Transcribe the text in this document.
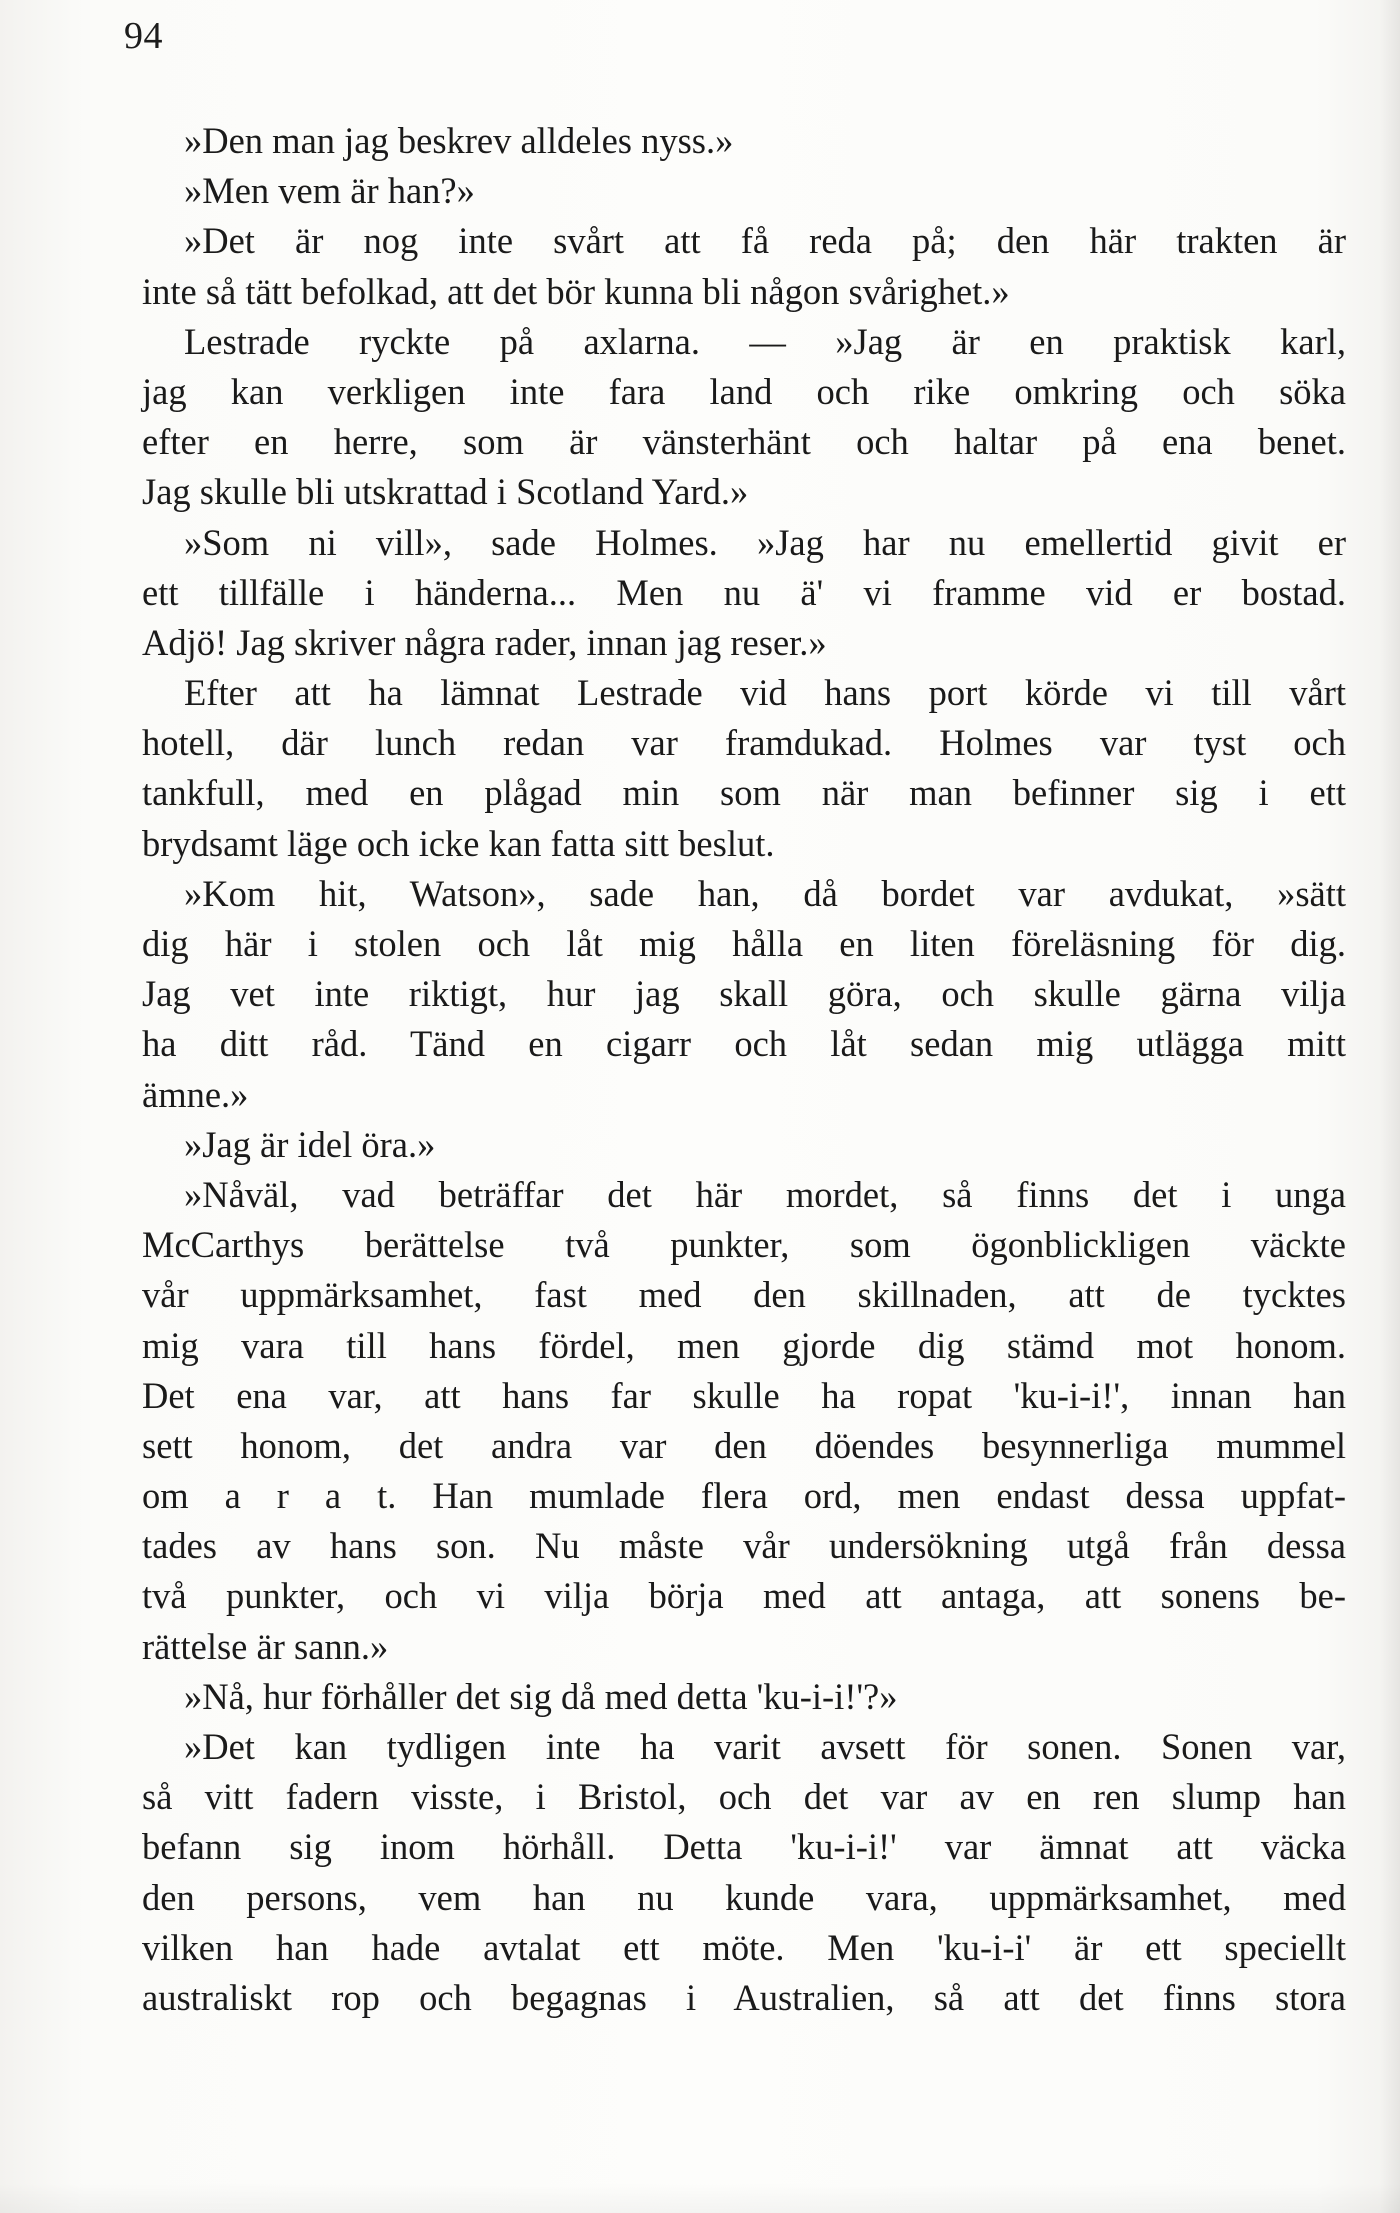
94
»Den man jag beskrev alldeles nyss.»
»Men vem är han?»
»Det är nog inte svårt att få reda på; den här trakten är
inte så tätt befolkad, att det bör kunna bli någon svårighet.»
Lestrade ryckte på axlarna. — »Jag är en praktisk karl,
jag kan verkligen inte fara land och rike omkring och söka
efter en herre, som är vänsterhänt och haltar på ena benet.
Jag skulle bli utskrattad i Scotland Yard.»
»Som ni vill», sade Holmes. »Jag har nu emellertid givit er
ett tillfälle i händerna... Men nu ä' vi framme vid er bostad.
Adjö! Jag skriver några rader, innan jag reser.»
Efter att ha lämnat Lestrade vid hans port körde vi till vårt
hotell, där lunch redan var framdukad. Holmes var tyst och
tankfull, med en plågad min som när man befinner sig i ett
brydsamt läge och icke kan fatta sitt beslut.
»Kom hit, Watson», sade han, då bordet var avdukat, »sätt
dig här i stolen och låt mig hålla en liten föreläsning för dig.
Jag vet inte riktigt, hur jag skall göra, och skulle gärna vilja
ha ditt råd. Tänd en cigarr och låt sedan mig utlägga mitt
ämne.»
»Jag är idel öra.»
»Nåväl, vad beträffar det här mordet, så finns det i unga
McCarthys berättelse två punkter, som ögonblickligen väckte
vår uppmärksamhet, fast med den skillnaden, att de tycktes
mig vara till hans fördel, men gjorde dig stämd mot honom.
Det ena var, att hans far skulle ha ropat 'ku-i-i!', innan han
sett honom, det andra var den döendes besynnerliga mummel
om a r a t. Han mumlade flera ord, men endast dessa uppfat-
tades av hans son. Nu måste vår undersökning utgå från dessa
två punkter, och vi vilja börja med att antaga, att sonens be-
rättelse är sann.»
»Nå, hur förhåller det sig då med detta 'ku-i-i!'?»
»Det kan tydligen inte ha varit avsett för sonen. Sonen var,
så vitt fadern visste, i Bristol, och det var av en ren slump han
befann sig inom hörhåll. Detta 'ku-i-i!' var ämnat att väcka
den persons, vem han nu kunde vara, uppmärksamhet, med
vilken han hade avtalat ett möte. Men 'ku-i-i' är ett speciellt
australiskt rop och begagnas i Australien, så att det finns stora
